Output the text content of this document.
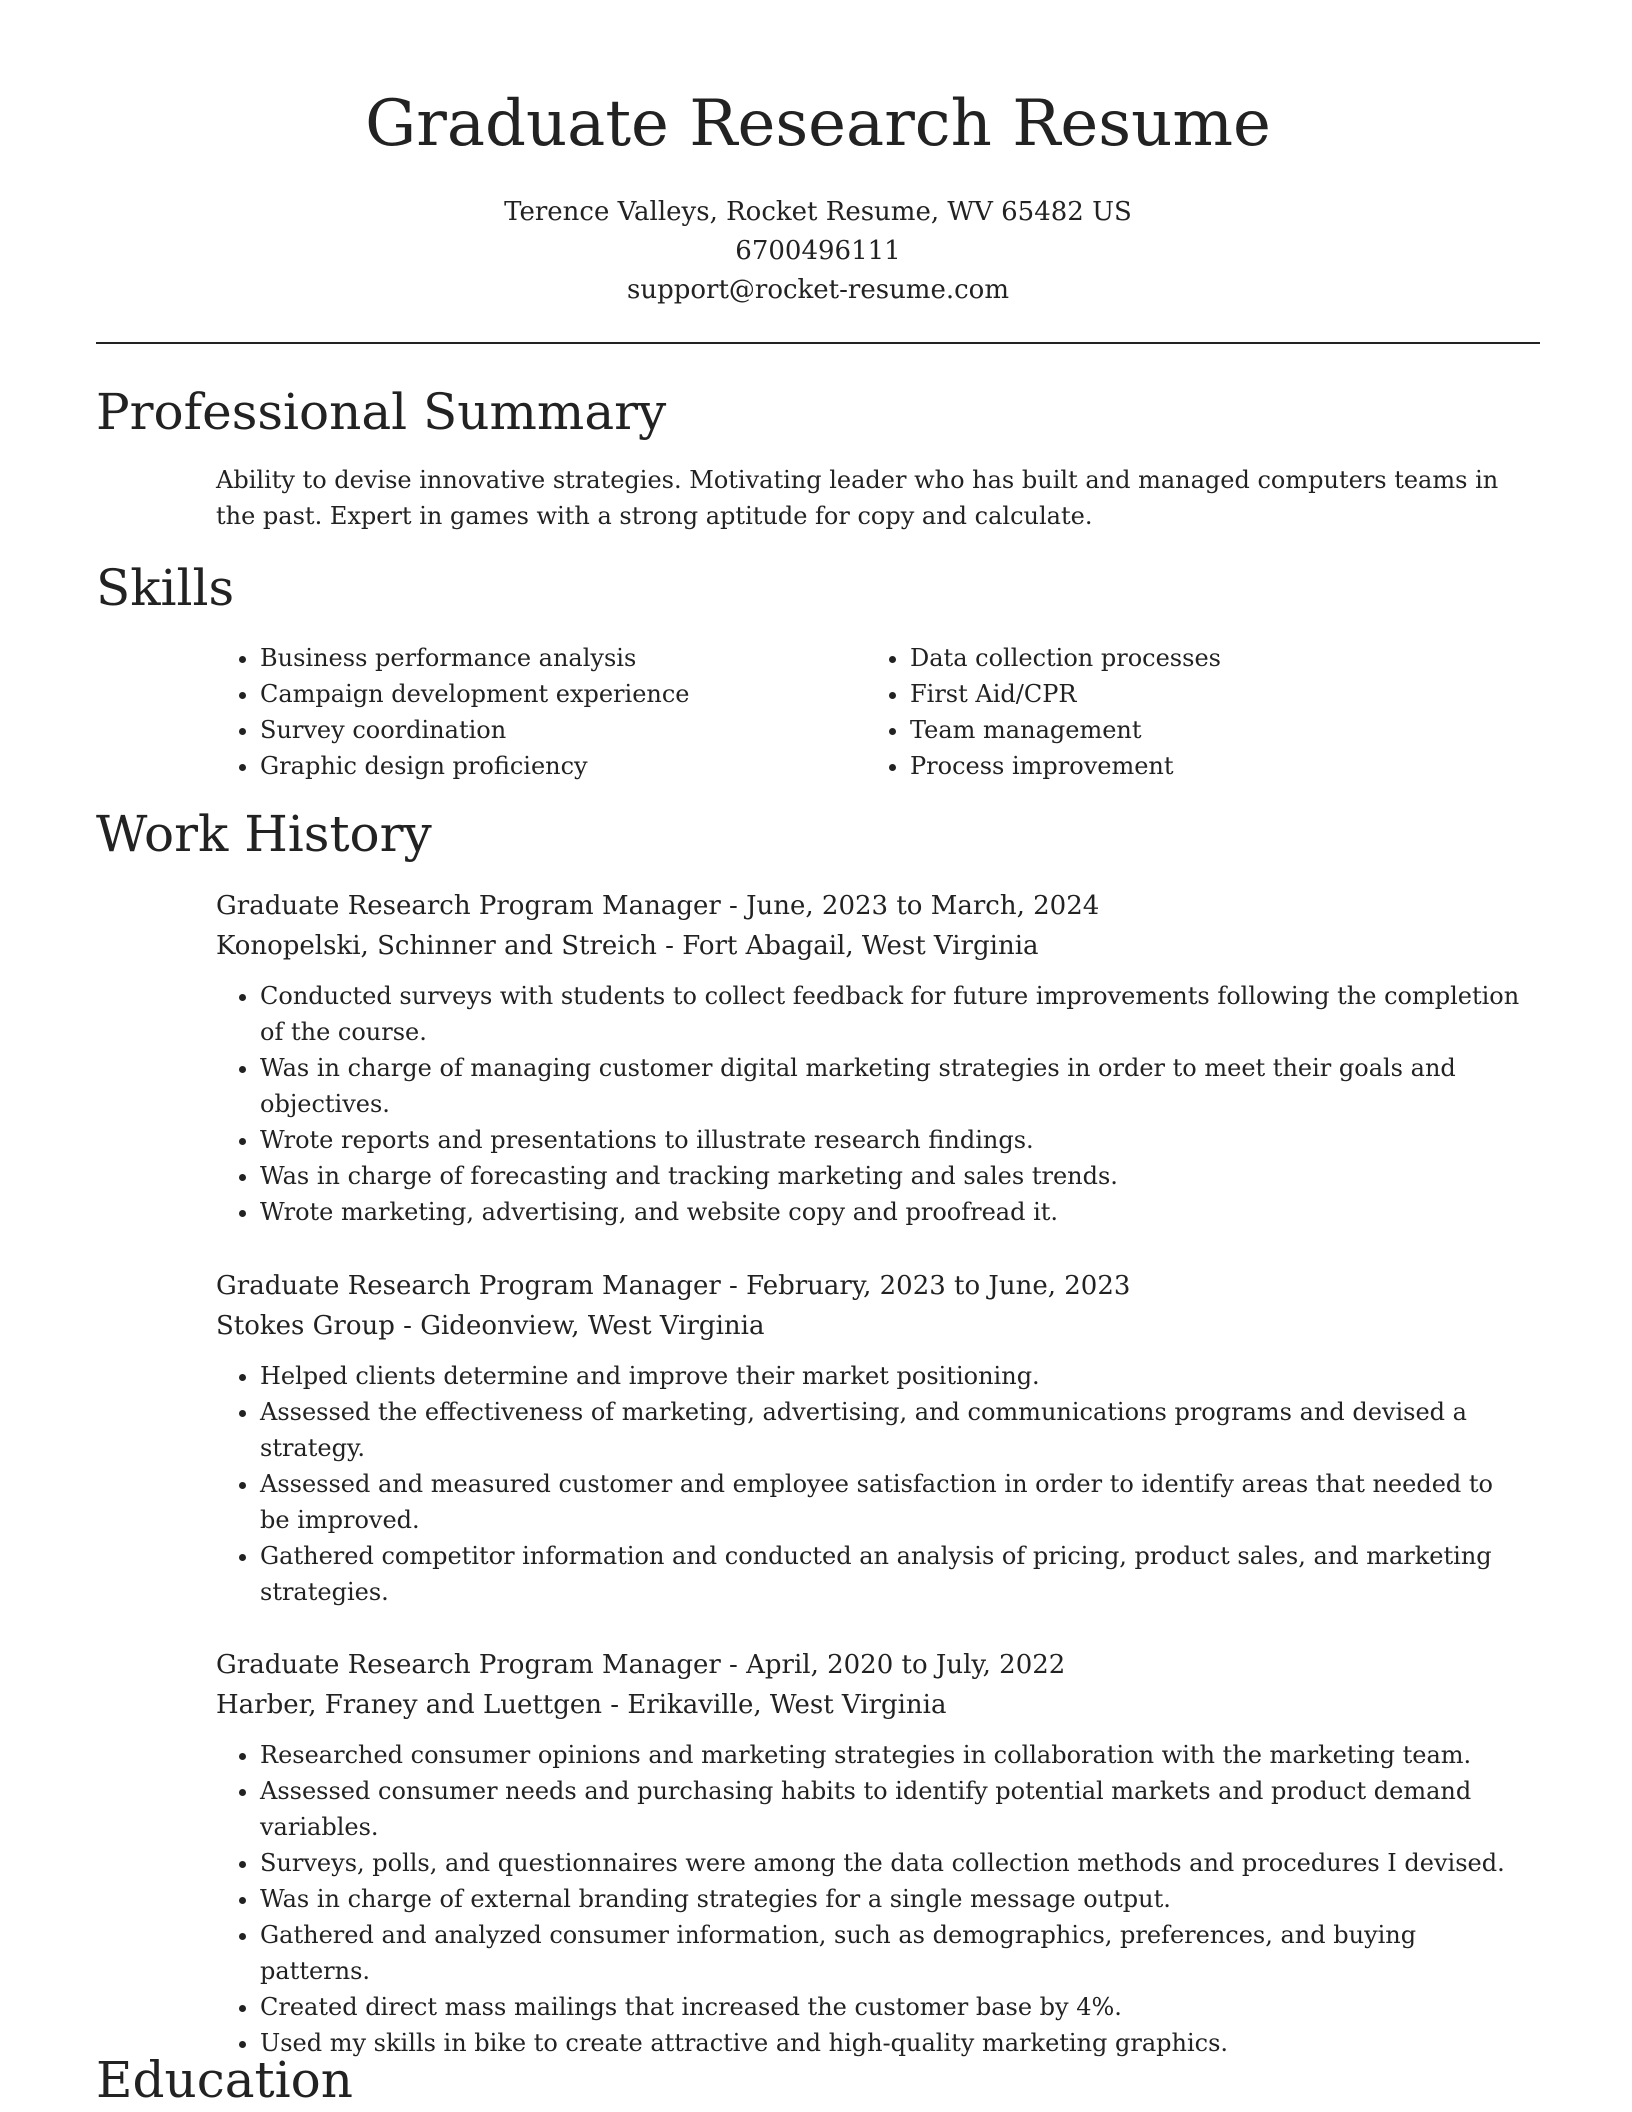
Graduate Research Resume
Terence Valleys, Rocket Resume, WV 65482 US
6700496111
support@rocket-resume.com
Professional Summary

Ability to devise innovative strategies. Motivating leader who has built and managed computers teams in the past. Expert in games with a strong aptitude for copy and calculate.

Skills
• Business performance analysis
• Campaign development experience
• Survey coordination
• Graphic design proficiency
• Data collection processes
• First Aid/CPR
• Team management
• Process improvement
Work History
Graduate Research Program Manager - June, 2023 to March, 2024
Konopelski, Schinner and Streich - Fort Abagail, West Virginia
• Conducted surveys with students to collect feedback for future improvements following the completion of the course.
• Was in charge of managing customer digital marketing strategies in order to meet their goals and objectives.
• Wrote reports and presentations to illustrate research findings.
• Was in charge of forecasting and tracking marketing and sales trends.
• Wrote marketing, advertising, and website copy and proofread it.
Graduate Research Program Manager - February, 2023 to June, 2023
Stokes Group - Gideonview, West Virginia
• Helped clients determine and improve their market positioning.
• Assessed the effectiveness of marketing, advertising, and communications programs and devised a strategy.
• Assessed and measured customer and employee satisfaction in order to identify areas that needed to be improved.
• Gathered competitor information and conducted an analysis of pricing, product sales, and marketing strategies.
Graduate Research Program Manager - April, 2020 to July, 2022
Harber, Franey and Luettgen - Erikaville, West Virginia
• Researched consumer opinions and marketing strategies in collaboration with the marketing team.
• Assessed consumer needs and purchasing habits to identify potential markets and product demand variables.
• Surveys, polls, and questionnaires were among the data collection methods and procedures I devised.
• Was in charge of external branding strategies for a single message output.
• Gathered and analyzed consumer information, such as demographics, preferences, and buying patterns.
• Created direct mass mailings that increased the customer base by 4%.
• Used my skills in bike to create attractive and high-quality marketing graphics.
Education
